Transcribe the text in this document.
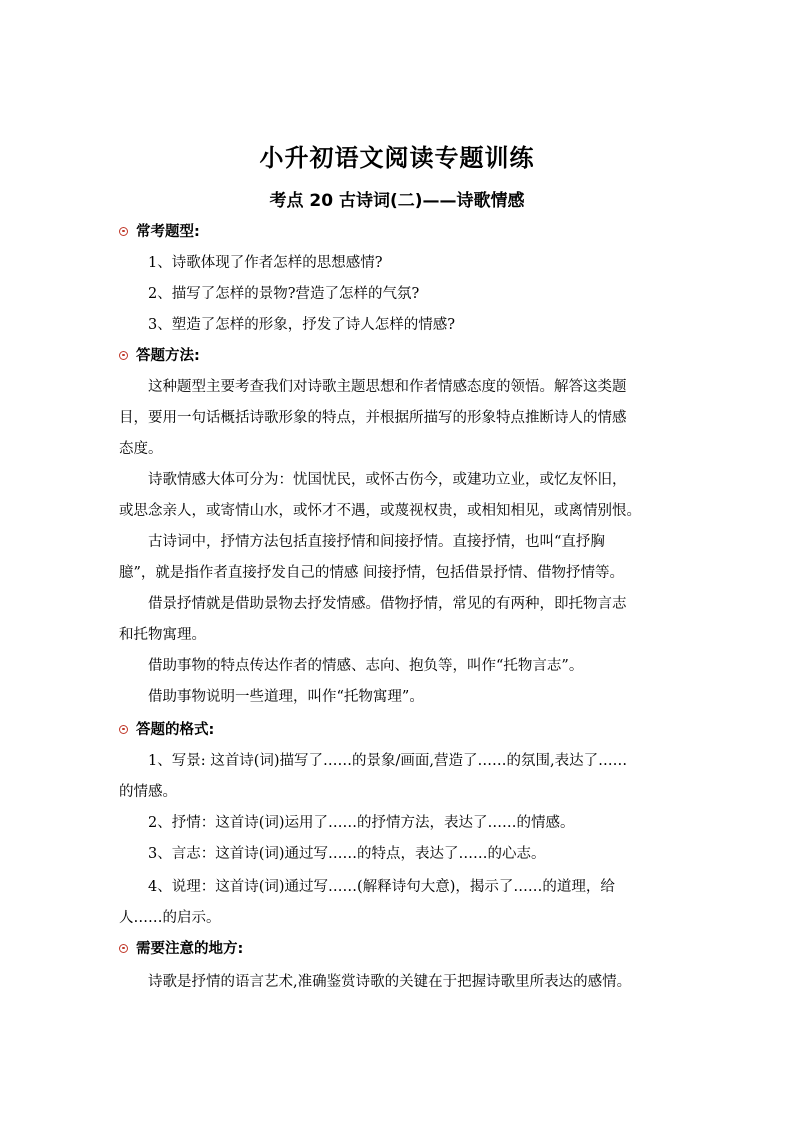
小升初语文阅读专题训练
考点 20 古诗词(二)——诗歌情感
常考题型:
1、诗歌体现了作者怎样的思想感情?
2、描写了怎样的景物?营造了怎样的气氛?
3、塑造了怎样的形象，抒发了诗人怎样的情感?
答题方法:
这种题型主要考查我们对诗歌主题思想和作者情感态度的领悟。解答这类题
目，要用一句话概括诗歌形象的特点，并根据所描写的形象特点推断诗人的情感
态度。
诗歌情感大体可分为：忧国忧民，或怀古伤今，或建功立业，或忆友怀旧，
或思念亲人，或寄情山水，或怀才不遇，或蔑视权贵，或相知相见，或离情别恨。
古诗词中，抒情方法包括直接抒情和间接抒情。直接抒情，也叫“直抒胸
臆”，就是指作者直接抒发自己的情感 间接抒情，包括借景抒情、借物抒情等。
借景抒情就是借助景物去抒发情感。借物抒情，常见的有两种，即托物言志
和托物寓理。
借助事物的特点传达作者的情感、志向、抱负等，叫作“托物言志”。
借助事物说明一些道理，叫作“托物寓理”。
答题的格式:
1、写景: 这首诗(词)描写了……的景象/画面,营造了……的氛围,表达了……
的情感。
2、抒情：这首诗(词)运用了……的抒情方法，表达了……的情感。
3、言志：这首诗(词)通过写……的特点，表达了……的心志。
4、说理：这首诗(词)通过写……(解释诗句大意)，揭示了……的道理，给
人……的启示。
需要注意的地方:
诗歌是抒情的语言艺术,准确鉴赏诗歌的关键在于把握诗歌里所表达的感情。
